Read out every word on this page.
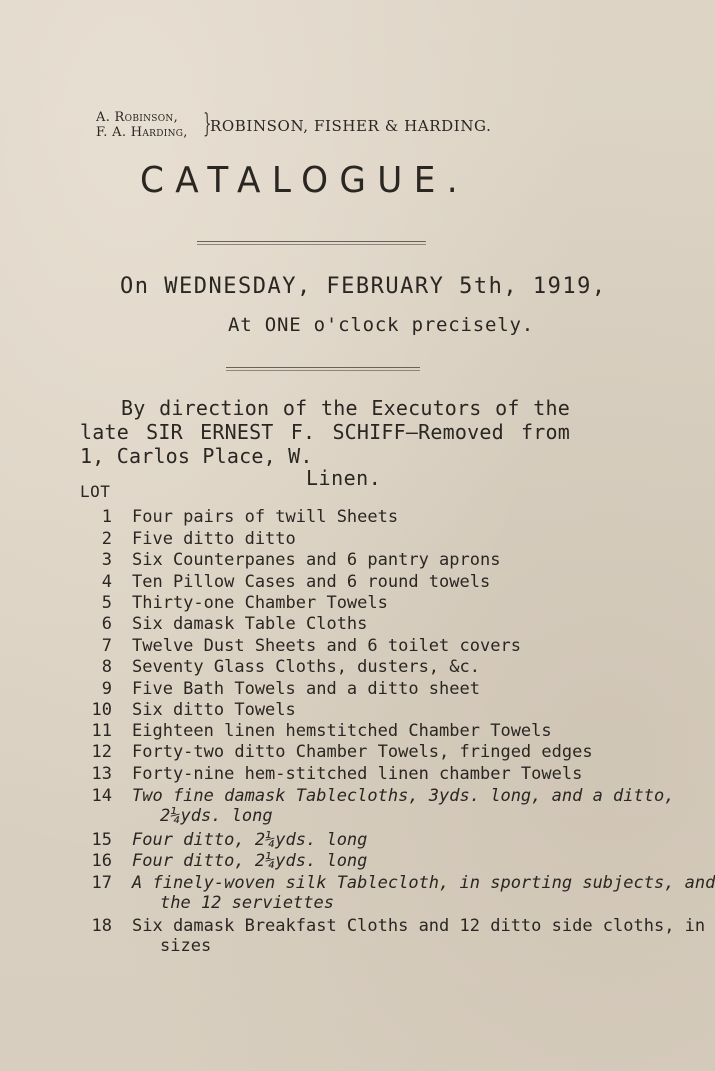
A. Robinson,
F. A. Harding, }
ROBINSON, FISHER & HARDING.
CATALOGUE.
On WEDNESDAY, FEBRUARY 5th, 1919,
At ONE o'clock precisely.

By direction of the Executors of the late SIR ERNEST F. SCHIFF—Removed from 1, Carlos Place, W.

Linen.
LOT
1 Four pairs of twill Sheets
2 Five ditto ditto
3 Six Counterpanes and 6 pantry aprons
4 Ten Pillow Cases and 6 round towels
5 Thirty-one Chamber Towels
6 Six damask Table Cloths
7 Twelve Dust Sheets and 6 toilet covers
8 Seventy Glass Cloths, dusters, &c.
9 Five Bath Towels and a ditto sheet
10 Six ditto Towels
11 Eighteen linen hemstitched Chamber Towels
12 Forty-two ditto Chamber Towels, fringed edges
13 Forty-nine hem-stitched linen chamber Towels
14 Two fine damask Tablecloths, 3yds. long, and a ditto,
2¼yds. long
15 Four ditto, 2¼yds. long
16 Four ditto, 2¼yds. long
17 A finely-woven silk Tablecloth, in sporting subjects, and
the 12 serviettes
18 Six damask Breakfast Cloths and 12 ditto side cloths, in
sizes
